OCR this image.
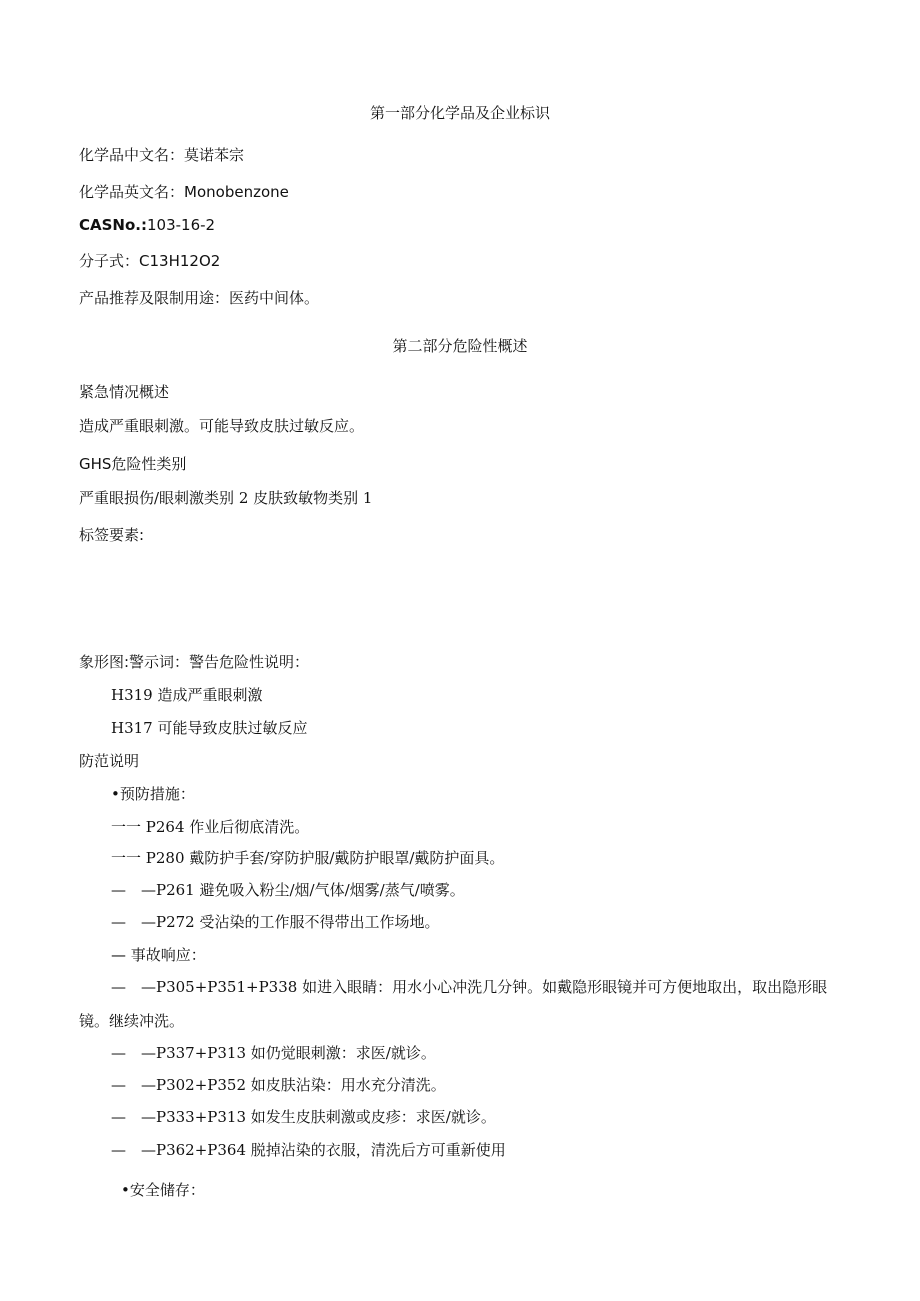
第一部分化学品及企业标识
化学品中文名：莫诺苯宗
化学品英文名：Monobenzone
CASNo.:103-16-2
分子式：C13H12O2
产品推荐及限制用途：医药中间体。
第二部分危险性概述
紧急情况概述
造成严重眼刺激。可能导致皮肤过敏反应。
GHS危险性类别
严重眼损伤/眼刺激类别 2 皮肤致敏物类别 1
标签要素:
象形图:警示词：警告危险性说明：
H319 造成严重眼刺激
H317 可能导致皮肤过敏反应
防范说明
•预防措施：
一一 P264 作业后彻底清洗。
一一 P280 戴防护手套/穿防护服/戴防护眼罩/戴防护面具。
—　—P261 避免吸入粉尘/烟/气体/烟雾/蒸气/喷雾。
—　—P272 受沾染的工作服不得带出工作场地。
— 事故响应：
—　—P305+P351+P338 如进入眼睛：用水小心冲洗几分钟。如戴隐形眼镜并可方便地取出，取出隐形眼
镜。继续冲洗。
—　—P337+P313 如仍觉眼刺激：求医/就诊。
—　—P302+P352 如皮肤沾染：用水充分清洗。
—　—P333+P313 如发生皮肤刺激或皮疹：求医/就诊。
—　—P362+P364 脱掉沾染的衣服，清洗后方可重新使用
•安全储存：
